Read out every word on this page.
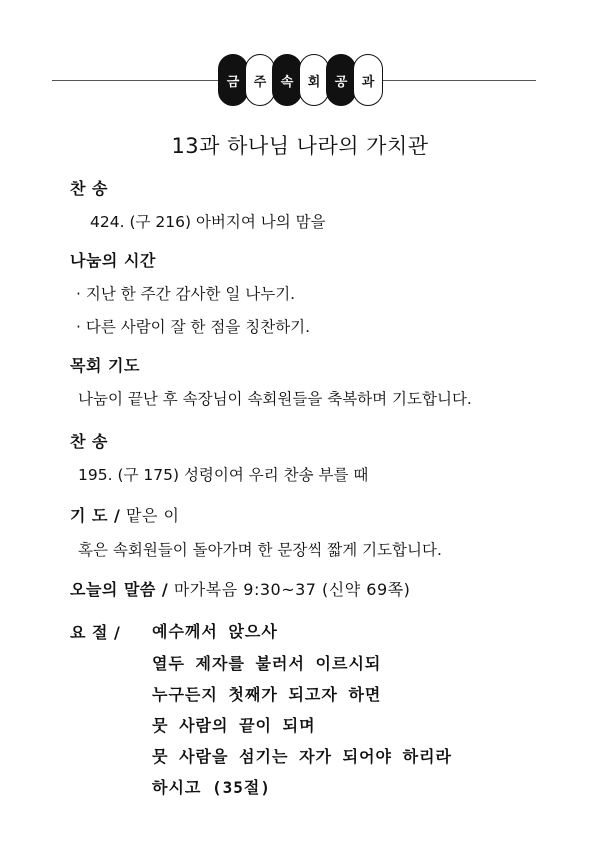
금	주	속	회	공	과
13과 하나님 나라의 가치관
찬 송
424. (구 216) 아버지여 나의 맘을
나눔의 시간
· 지난 한 주간 감사한 일 나누기.
· 다른 사람이 잘 한 점을 칭찬하기.
목회 기도
나눔이 끝난 후 속장님이 속회원들을 축복하며 기도합니다.
찬 송
195. (구 175) 성령이여 우리 찬송 부를 때
기 도 / 맡은 이
혹은 속회원들이 돌아가며 한 문장씩 짧게 기도합니다.
오늘의 말씀 / 마가복음 9:30~37 (신약 69쪽)
요 절 / 예수께서 앉으사
열두 제자를 불러서 이르시되
누구든지 첫째가 되고자 하면
뭇 사람의 끝이 되며
뭇 사람을 섬기는 자가 되어야 하리라
하시고 (35절)
